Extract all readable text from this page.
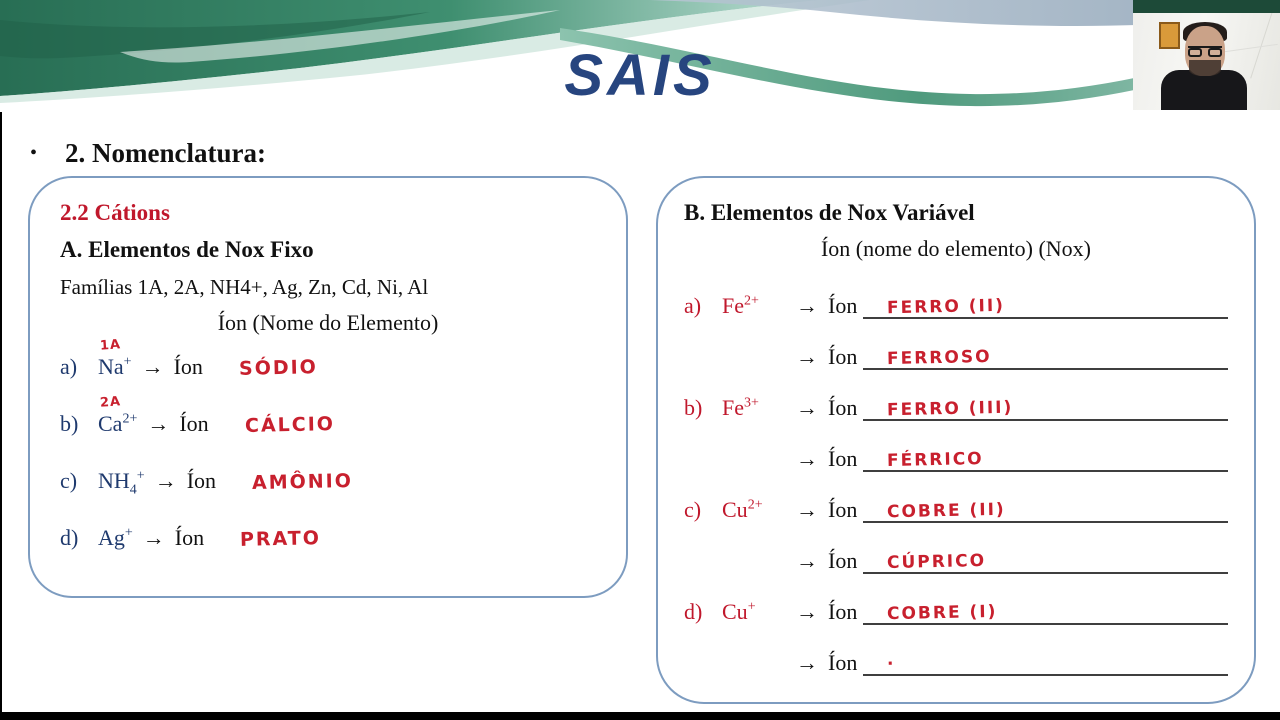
SAIS
• 2. Nomenclatura:
2.2 Cátions
A. Elementos de Nox Fixo
Famílias 1A, 2A, NH4+, Ag, Zn, Cd, Ni, Al
Íon (Nome do Elemento)
a)
1A
Na+ → Íon SÓDIO
b)
2A
$Ca^{2+}$ → Íon CÁLCIO
c) $NH_4^+$ → Íon AMÔNIO
d) Ag+ → Íon PRATO
B. Elementos de Nox Variável
Íon (nome do elemento) (Nox)
a) $Fe^{2+}$	→ Íon	FERRO (II)
→ Íon	FERROSO
b) $Fe^{3+}$	→ Íon	FERRO (III)
→ Íon	FÉRRICO
c) $Cu^{2+}$	→ Íon	COBRE (II)
→ Íon	CÚPRICO
d) Cu+	→ Íon	COBRE (I)
→ Íon	·
